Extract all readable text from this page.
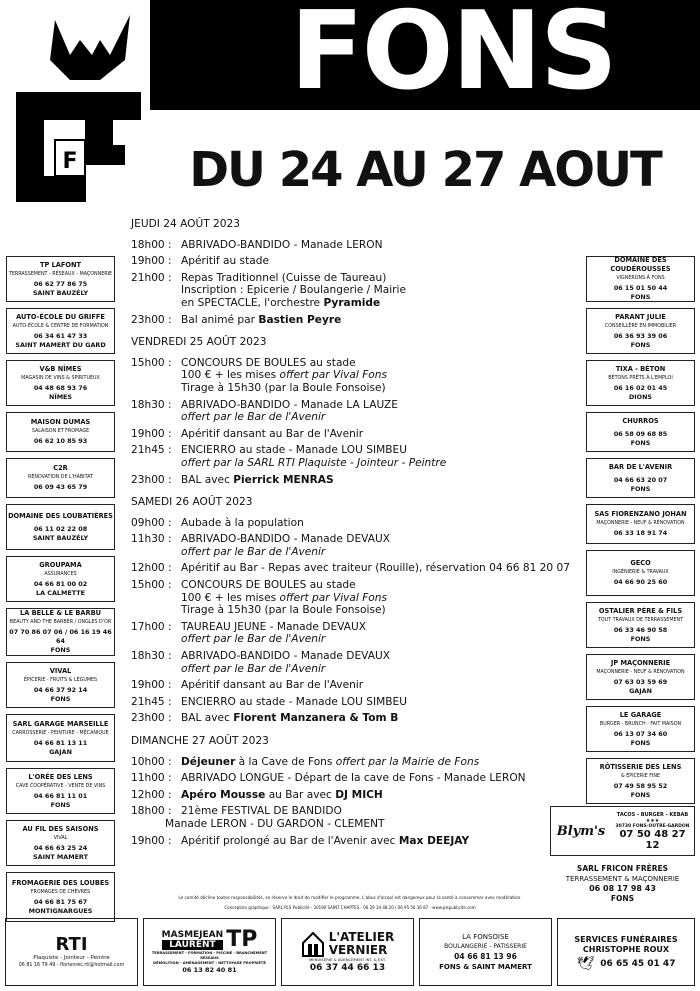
F
FONS
DU 24 AU 27 AOUT
TP LAFONT
TERRASSEMENT - RÉSEAUX - MAÇONNERIE
06 62 77 86 75
SAINT BAUZÉLY
AUTO-ÉCOLE DU GRIFFE
AUTO-ÉCOLE & CENTRE DE FORMATION
06 34 61 47 33
SAINT MAMERT DU GARD
V&B NÎMES
MAGASIN DE VINS & SPIRITUEUX
04 48 68 93 76
NÎMES
MAISON DUMAS
SALAISON ET FROMAGE
06 62 10 85 93
C2R
RÉNOVATION DE L'HABITAT
06 09 43 65 79
DOMAINE DES LOUBATIÈRES
06 11 02 22 08
SAINT BAUZÉLY
GROUPAMA
ASSURANCES
04 66 81 00 02
LA CALMETTE
LA BELLE & LE BARBU
BEAUTY AND THE BARBER / ONGLES D'OR
07 70 86 07 06 / 06 16 19 46 64
FONS
VIVAL
ÉPICERIE - FRUITS & LÉGUMES
04 66 37 92 14
FONS
SARL GARAGE MARSEILLE
CARROSSERIE - PEINTURE - MÉCANIQUE
04 66 81 13 11
GAJAN
L'ORÉE DES LENS
CAVE COOPÉRATIVE - VENTE DE VINS
04 66 81 11 01
FONS
AU FIL DES SAISONS
VIVAL
04 66 63 25 24
SAINT MAMERT
FROMAGERIE DES LOUBES
FROMAGES DE CHÈVRES
04 66 81 75 67
MONTIGNARGUES
DOMAINE DES COUDÉROUSSES
VIGNERONS À FONS
06 15 01 50 44
FONS
PARANT JULIE
CONSEILLÈRE EN IMMOBILIER
06 36 93 39 06
FONS
TIXA - BÉTON
BÉTONS PRÊTS À L'EMPLOI
06 16 02 01 45
DIONS
CHURROS
06 58 09 68 85
FONS
BAR DE L'AVENIR
04 66 63 20 07
FONS
SAS FIORENZANO JOHAN
MAÇONNERIE - NEUF & RÉNOVATION
06 33 18 91 74
GECO
INGÉNIERIE & TRAVAUX
04 66 90 25 60
OSTALIER PÈRE & FILS
TOUT TRAVAUX DE TERRASSEMENT
06 33 46 90 58
FONS
JP MAÇONNERIE
MAÇONNERIE - NEUF & RÉNOVATION
07 63 03 59 69
GAJAN
LE GARAGE
BURGER - BRUNCH - FAIT MAISON
06 13 07 34 60
FONS
RÔTISSERIE DES LENS
& ÉPICERIE FINE
07 49 58 95 52
FONS
JEUDI 24 AOÛT 2023
18h00 : ABRIVADO-BANDIDO - Manade LERON
19h00 : Apéritif au stade
21h00 : Repas Traditionnel (Cuisse de Taureau)
Inscription : Epicerie / Boulangerie / Mairie
en SPECTACLE, l'orchestre Pyramide
23h00 : Bal animé par Bastien Peyre
VENDREDI 25 AOÛT 2023
15h00 : CONCOURS DE BOULES au stade
100 € + les mises offert par Vival Fons
Tirage à 15h30 (par la Boule Fonsoise)
18h30 : ABRIVADO-BANDIDO - Manade LA LAUZE
offert par le Bar de l'Avenir
19h00 : Apéritif dansant au Bar de l'Avenir
21h45 : ENCIERRO au stade - Manade LOU SIMBEU
offert par la SARL RTI Plaquiste - Jointeur - Peintre
23h00 : BAL avec Pierrick MENRAS
SAMEDI 26 AOÛT 2023
09h00 : Aubade à la population
11h30 : ABRIVADO-BANDIDO - Manade DEVAUX
offert par le Bar de l'Avenir
12h00 : Apéritif au Bar - Repas avec traiteur (Rouille), réservation 04 66 81 20 07
15h00 : CONCOURS DE BOULES au stade
100 € + les mises offert par Vival Fons
Tirage à 15h30 (par la Boule Fonsoise)
17h00 : TAUREAU JEUNE - Manade DEVAUX
offert par le Bar de l'Avenir
18h30 : ABRIVADO-BANDIDO - Manade DEVAUX
offert par le Bar de l'Avenir
19h00 : Apéritif dansant au Bar de l'Avenir
21h45 : ENCIERRO au stade - Manade LOU SIMBEU
23h00 : BAL avec Florent Manzanera & Tom B
DIMANCHE 27 AOÛT 2023
10h00 : Déjeuner à la Cave de Fons offert par la Mairie de Fons
11h00 : ABRIVADO LONGUE - Départ de la cave de Fons - Manade LERON
12h00 : Apéro Mousse au Bar avec DJ MICH
18h00 : 21ème FESTIVAL DE BANDIDO
Manade LERON - DU GARDON - CLEMENT
19h00 : Apéritif prolongé au Bar de l'Avenir avec Max DEEJAY
Blym's
TACOS - BURGER - KEBAB
★★★
30730 FONS-OUTRE-GARDON
07 50 48 27 12
SARL FRICON FRÈRES
TERRASSEMENT & MAÇONNERIE
06 08 17 98 43
FONS
Le comité décline toutes responsabilités, se réserve le droit de modifier le programme. L'abus d'alcool est dangereux pour la santé à consommer avec modération.
Conception graphique : SARL PLS Publicité - 30190 SAINT CHAPTES - 06 29 34 48 20 / 06 95 56 36 87 - www.plspublicite.com
RTI
Plaquiste - Jointeur - Peintre
06 81 16 79 49 - florienrec.rti@hotmail.com
MASMEJEAN
LAURENT TP
TERRASSEMENT - FORMATION - PISCINE - BRANCHEMENT RÉSEAUX
DÉMOLITION - AMÉNAGEMENT - NETTOYAGE PROPRIÉTÉ
06 13 82 40 81
L'ATELIER
VERNIER
MENUISERIE & AGENCEMENT INT. & EXT.
06 37 44 66 13
LA FONSOISE
BOULANGERIE - PATISSERIE
04 66 81 13 96
FONS & SAINT MAMERT
SERVICES FUNÉRAIRES
CHRISTOPHE ROUX
🕊 06 65 45 01 47
